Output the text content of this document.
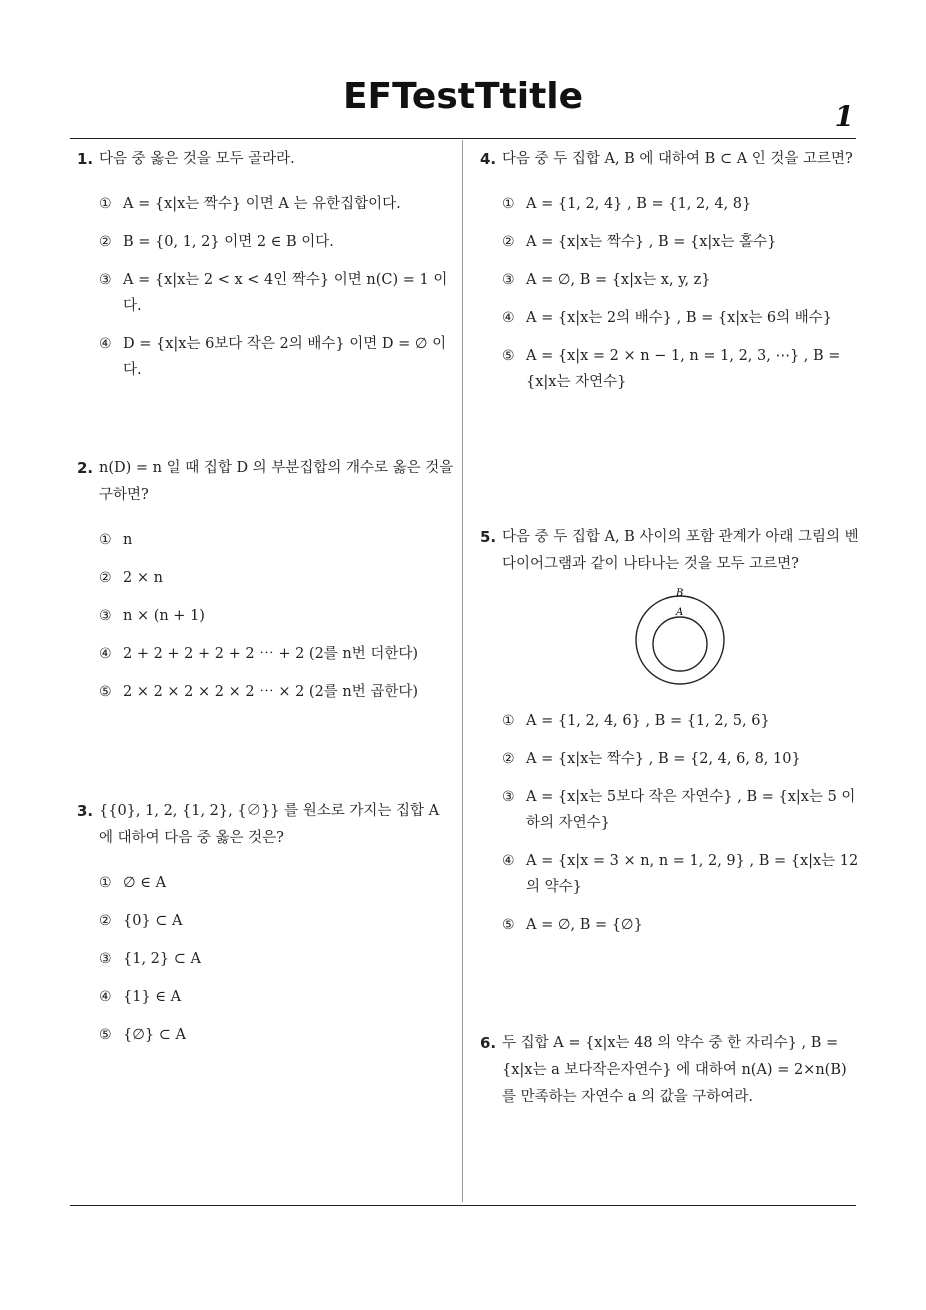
EFTestTtitle	1
1. 다음 중 옳은 것을 모두 골라라.
① A = {x|x는 짝수} 이면 A 는 유한집합이다.
② B = {0, 1, 2} 이면 2 ∈ B 이다.
③ A = {x|x는 2 < x < 4인 짝수} 이면 n(C) = 1 이다.
④ D = {x|x는 6보다 작은 2의 배수} 이면 D = ∅ 이다.
2. n(D) = n 일 때 집합 D 의 부분집합의 개수로 옳은 것을 구하면?
① n
② 2 × n
③ n × (n + 1)
④ 2 + 2 + 2 + 2 + 2 ⋯ + 2 (2를 n번 더한다)
⑤ 2 × 2 × 2 × 2 × 2 ⋯ × 2 (2를 n번 곱한다)
3. {{0}, 1, 2, {1, 2}, {∅}} 를 원소로 가지는 집합 A 에 대하여 다음 중 옳은 것은?
① ∅ ∈ A
② {0} ⊂ A
③ {1, 2} ⊂ A
④ {1} ∈ A
⑤ {∅} ⊂ A
4. 다음 중 두 집합 A, B 에 대하여 B ⊂ A 인 것을 고르면?
① A = {1, 2, 4} , B = {1, 2, 4, 8}
② A = {x|x는 짝수} , B = {x|x는 홀수}
③ A = ∅, B = {x|x는 x, y, z}
④ A = {x|x는 2의 배수} , B = {x|x는 6의 배수}
⑤ A = {x|x = 2 × n − 1, n = 1, 2, 3, ⋯} , B = {x|x는 자연수}
5. 다음 중 두 집합 A, B 사이의 포함 관계가 아래 그림의 벤 다이어그램과 같이 나타나는 것을 모두 고르면?
B
A
① A = {1, 2, 4, 6} , B = {1, 2, 5, 6}
② A = {x|x는 짝수} , B = {2, 4, 6, 8, 10}
③ A = {x|x는 5보다 작은 자연수} , B = {x|x는 5 이하의 자연수}
④ A = {x|x = 3 × n, n = 1, 2, 9} , B = {x|x는 12의 약수}
⑤ A = ∅, B = {∅}
6. 두 집합 A = {x|x는 48 의 약수 중 한 자리수} , B = {x|x는 a 보다작은자연수} 에 대하여 n(A) = 2×n(B) 를 만족하는 자연수 a 의 값을 구하여라.
